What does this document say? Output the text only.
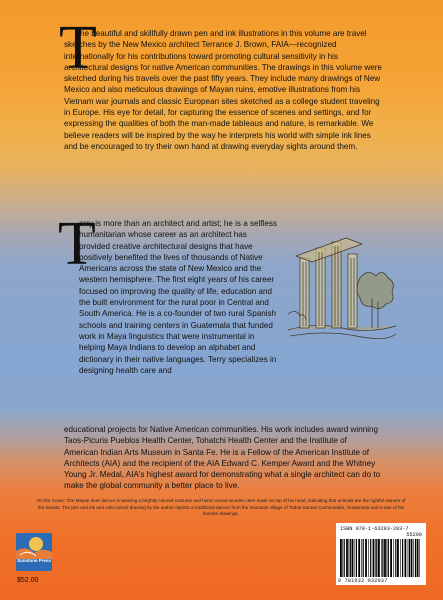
T

he beautiful and skillfully drawn pen and ink illustrations in this volume are travel sketches by the New Mexico architect Terrance J. Brown, FAIA—recognized internationally for his contributions toward promoting cultural sensitivity in his architectural designs for native American communities. The drawings in this volume were sketched during his travels over the past fifty years. They include many drawings of New Mexico and also meticulous drawings of Mayan ruins, emotive illustrations from his Vietnam war journals and classic European sites sketched as a college student traveling in Europe. His eye for detail, for capturing the essence of scenes and settings, and for expressing the qualities of both the man-made tableaus and nature, is remarkable. We believe readers will be inspired by the way he interprets his world with simple ink lines and be encouraged to try their own hand at drawing everyday sights around them.

T

erry is more than an architect and artist; he is a selfless humanitarian whose career as an architect has provided creative architectural designs that have positively benefited the lives of thousands of Native Americans across the state of New Mexico and the western hemisphere. The first eight years of his career focused on improving the quality of life, education and the built environment for the rural poor in Central and South America. He is a co-founder of two rural Spanish schools and training centers in Guatemala that funded work in Maya linguistics that were instrumental in helping Maya Indians to develop an alphabet and dictionary in their native languages. Terry specializes in designing health care and

educational projects for Native American communities. His work includes award winning Taos-Picuris Pueblos Health Center, Tohatchi Health Center and the Institute of American Indian Arts Museum in Santa Fe. He is a Fellow of the American Institute of Architects (AIA) and the recipient of the AIA Edward C. Kemper Award and the Whitney Young Jr. Medal, AIA's highest award for demonstrating what a single architect can do to make the global community a better place to live.

On the Cover: The Mayan deer dancer is wearing a brightly colored costume and hand carved wooden deer mask on top of his head, indicating that animals are the rightful owners of the forests. The pen and ink and color pencil drawing by the author depicts a traditional dancer from the mountain village of Todos Santos Cuchumatán, Guatemala and is one of his favorite drawings.

Sunstone Press
$52.00
ISBN 978-1-63293-203-7
55200
9 781632 932037
